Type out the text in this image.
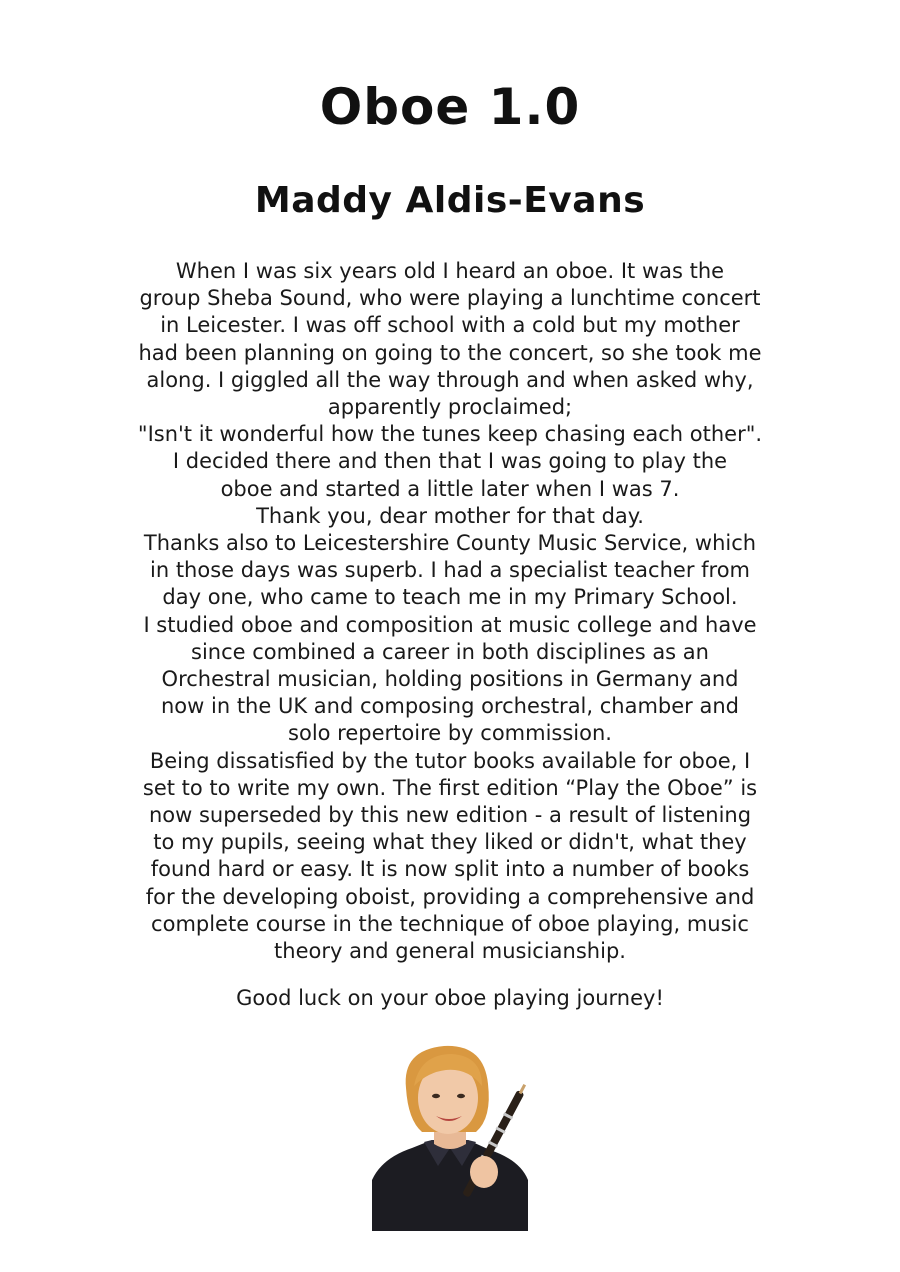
Oboe 1.0
Maddy Aldis-Evans
When I was six years old I heard an oboe. It was the
group Sheba Sound, who were playing a lunchtime concert
in Leicester. I was off school with a cold but my mother
had been planning on going to the concert, so she took me
along. I giggled all the way through and when asked why,
apparently proclaimed;
"Isn't it wonderful how the tunes keep chasing each other".
I decided there and then that I was going to play the
oboe and started a little later when I was 7.
Thank you, dear mother for that day.
Thanks also to Leicestershire County Music Service, which
in those days was superb. I had a specialist teacher from
day one, who came to teach me in my Primary School.
I studied oboe and composition at music college and have
since combined a career in both disciplines as an
Orchestral musician, holding positions in Germany and
now in the UK and composing orchestral, chamber and
solo repertoire by commission.
Being dissatisfied by the tutor books available for oboe, I
set to to write my own. The first edition “Play the Oboe” is
now superseded by this new edition - a result of listening
to my pupils, seeing what they liked or didn't, what they
found hard or easy. It is now split into a number of books
for the developing oboist, providing a comprehensive and
complete course in the technique of oboe playing, music
theory and general musicianship.
Good luck on your oboe playing journey!
